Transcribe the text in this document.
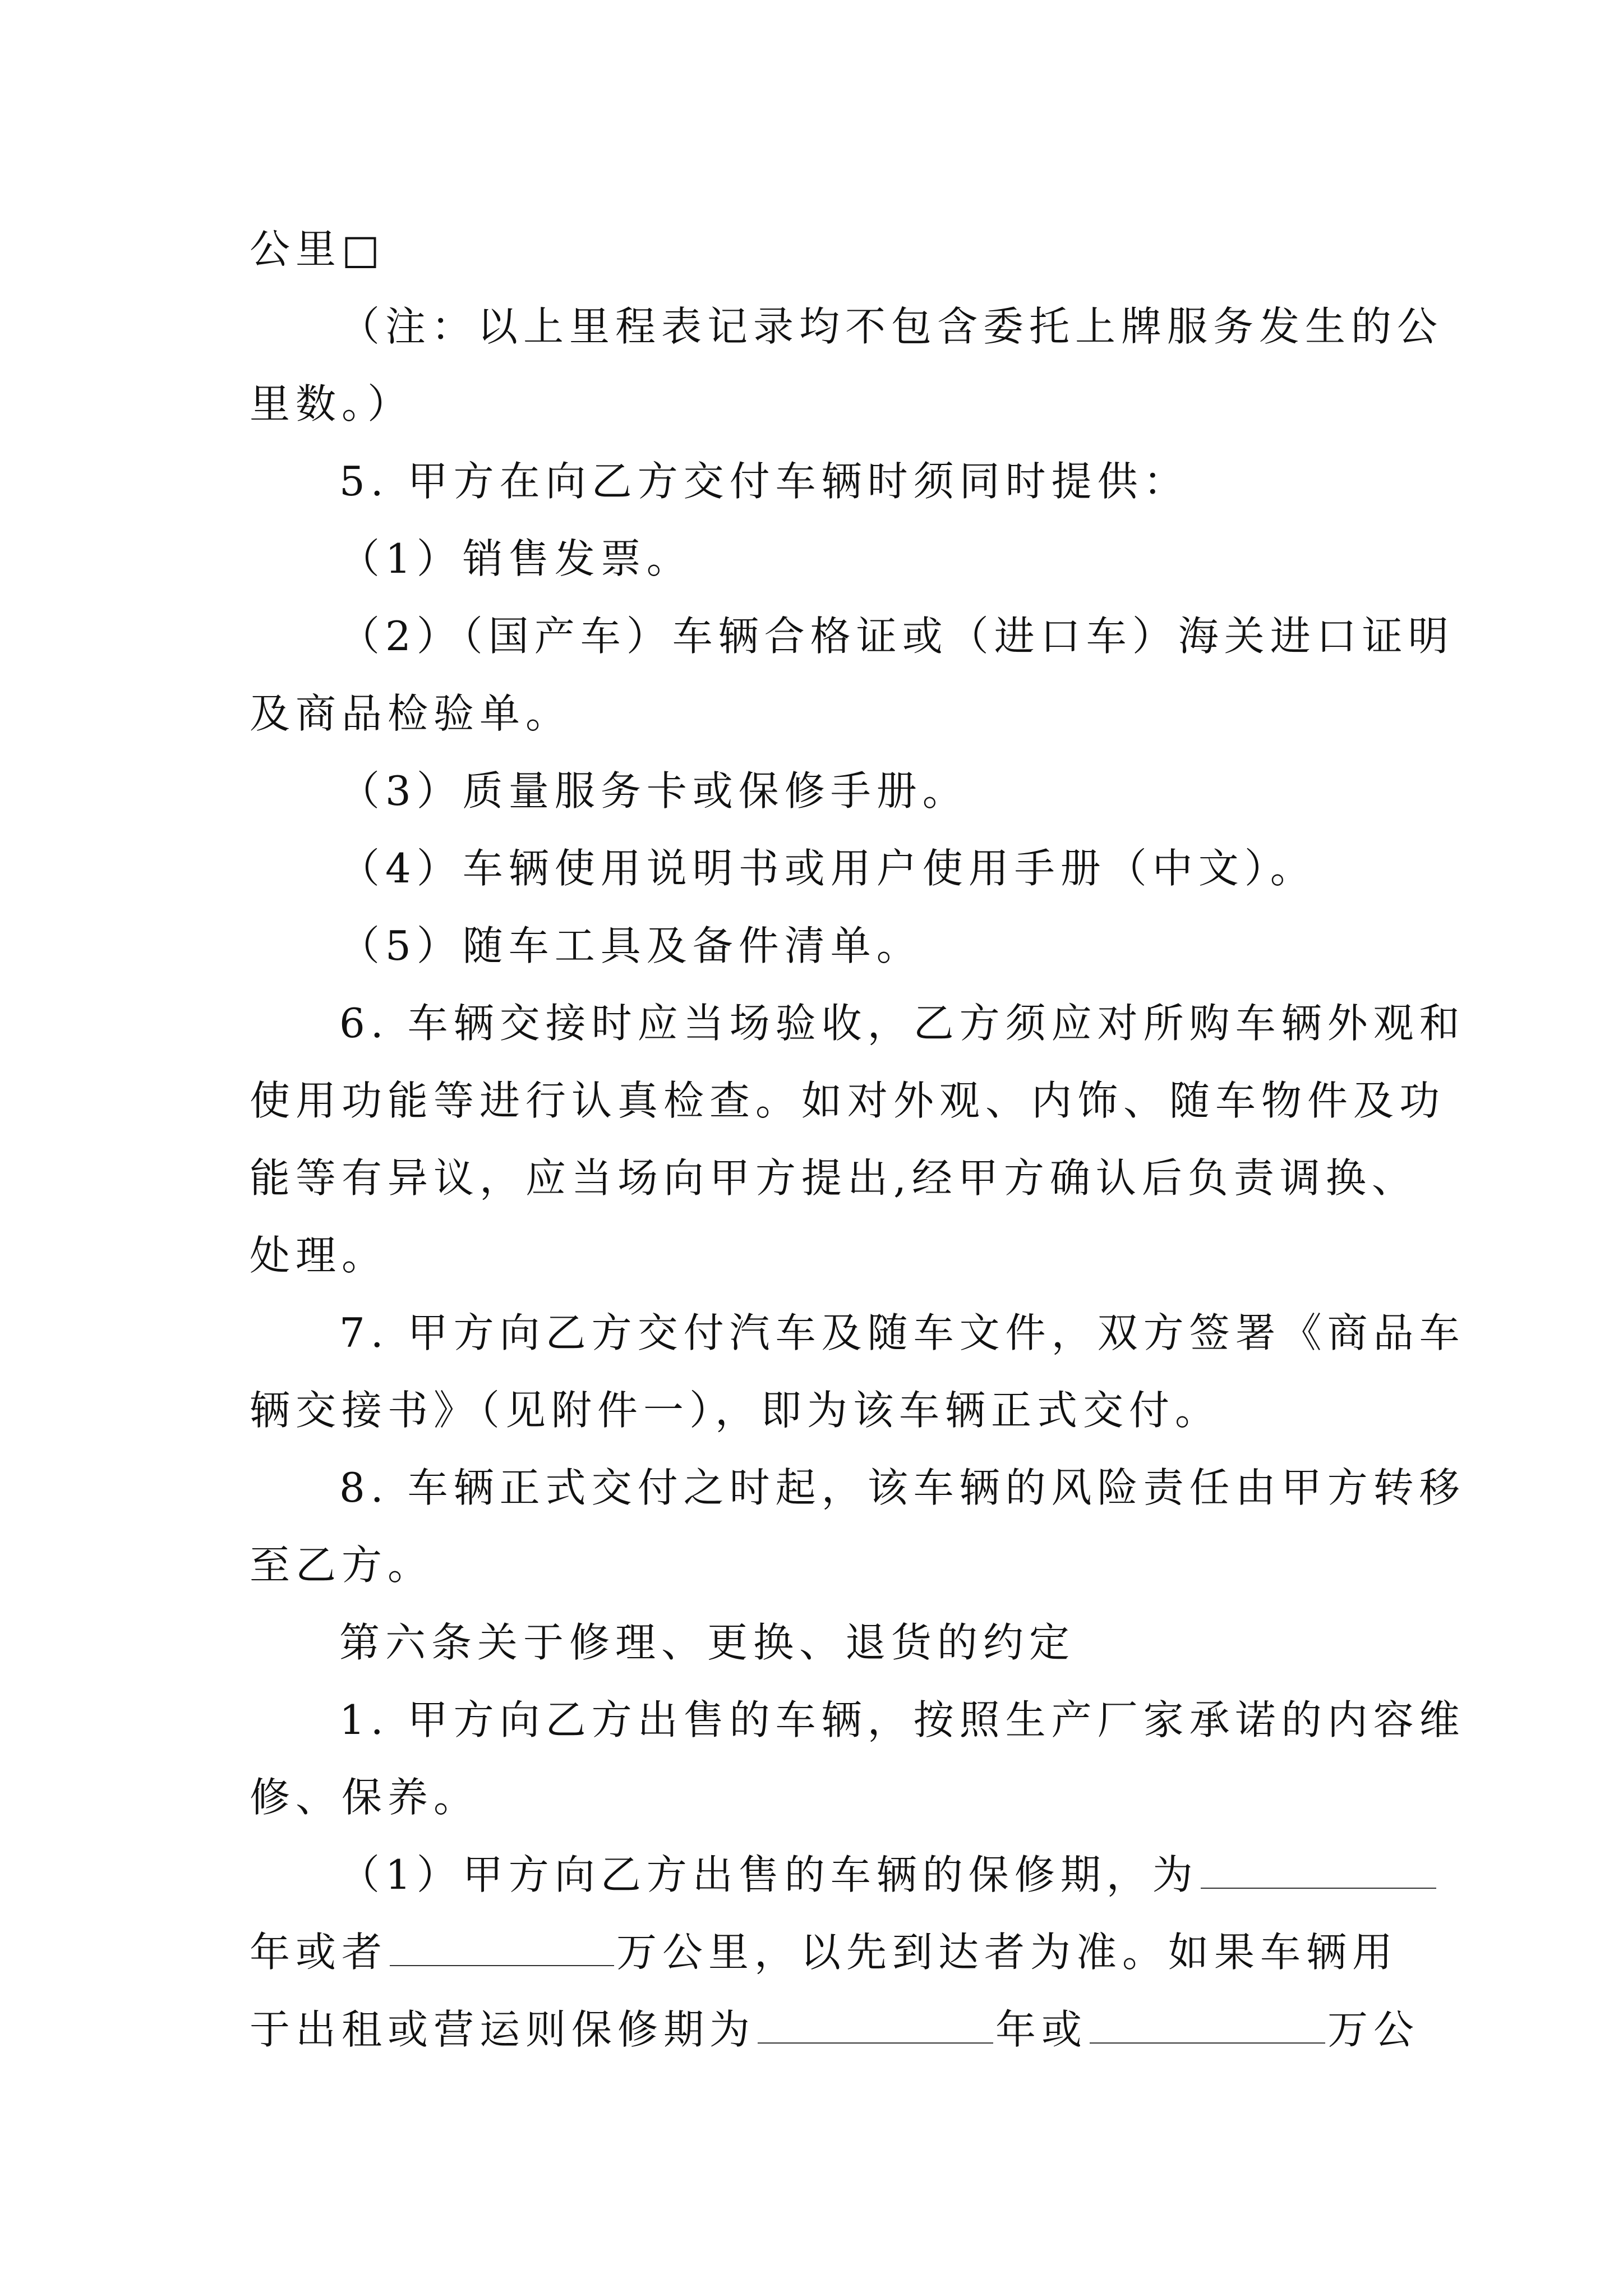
公里□

（注：以上里程表记录均不包含委托上牌服务发生的公

里数。）

5. 甲方在向乙方交付车辆时须同时提供：

（1）销售发票。

（2）（国产车）车辆合格证或（进口车）海关进口证明

及商品检验单。

（3）质量服务卡或保修手册。

（4）车辆使用说明书或用户使用手册（中文）。

（5）随车工具及备件清单。

6. 车辆交接时应当场验收，乙方须应对所购车辆外观和

使用功能等进行认真检查。如对外观、内饰、随车物件及功

能等有异议，应当场向甲方提出,经甲方确认后负责调换、

处理。

7. 甲方向乙方交付汽车及随车文件，双方签署《商品车

辆交接书》（见附件一），即为该车辆正式交付。

8. 车辆正式交付之时起，该车辆的风险责任由甲方转移

至乙方。

第六条关于修理、更换、退货的约定

1. 甲方向乙方出售的车辆，按照生产厂家承诺的内容维

修、保养。

（1）甲方向乙方出售的车辆的保修期，为

年或者	万公里，以先到达者为准。如果车辆用

于出租或营运则保修期为	年或	万公
